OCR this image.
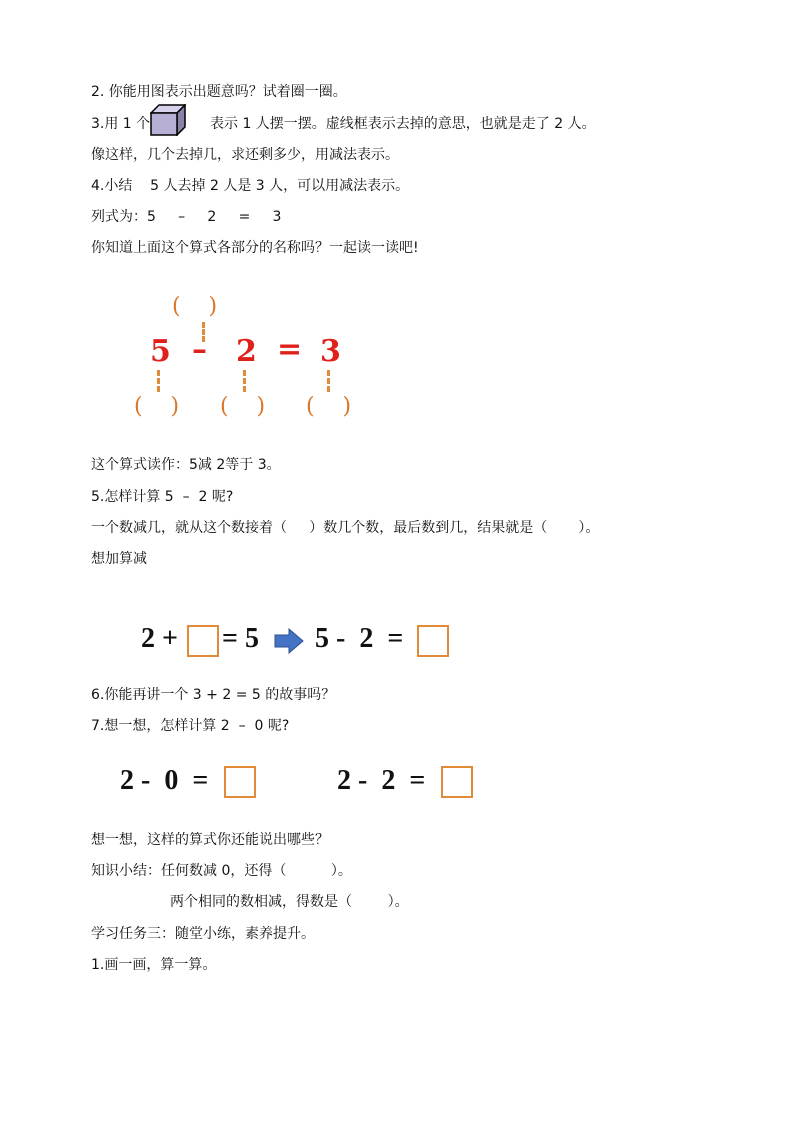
2. 你能用图表示出题意吗？试着圈一圈。
3.用 1 个	表示 1 人摆一摆。虚线框表示去掉的意思，也就是走了 2 人。
像这样，几个去掉几，求还剩多少，用减法表示。
4.小结    5 人去掉 2 人是 3 人，可以用减法表示。
列式为：5     –     2     =     3
你知道上面这个算式各部分的名称吗？一起读一读吧!
(    )
5 – 2 = 3
(    ) (    ) (    )
这个算式读作：5减 2等于 3。
5.怎样计算 5  –  2 呢?
一个数减几，就从这个数接着（     ）数几个数，最后数到几，结果就是（       ）。
想加算减
2 + = 5 5 -  2  =
6.你能再讲一个 3 + 2 = 5 的故事吗？
7.想一想，怎样计算 2  –  0 呢?
2 -  0  =	2 -  2  =
想一想，这样的算式你还能说出哪些？
知识小结：任何数减 0，还得（          ）。
两个相同的数相减，得数是（        ）。
学习任务三：随堂小练，素养提升。
1.画一画，算一算。
